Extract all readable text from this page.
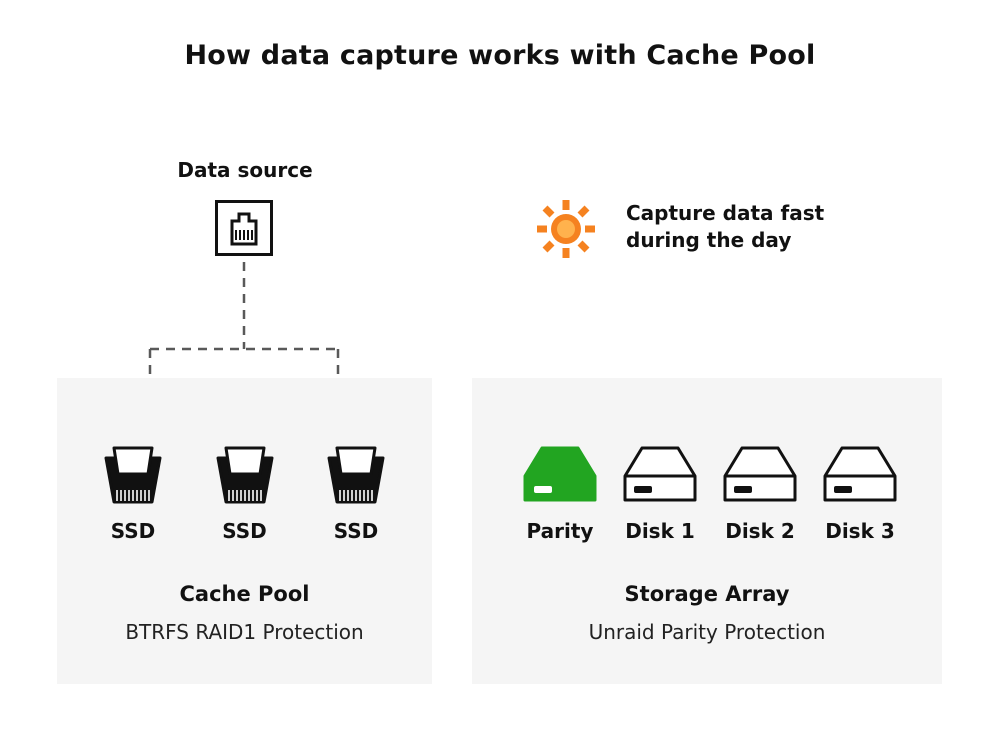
How data capture works with Cache Pool
Data source
Capture data fast
during the day
Cache Pool
BTRFS RAID1 Protection
SSD	SSD	SSD
Storage Array
Unraid Parity Protection
Parity	Disk 1 Disk 2 Disk 3
